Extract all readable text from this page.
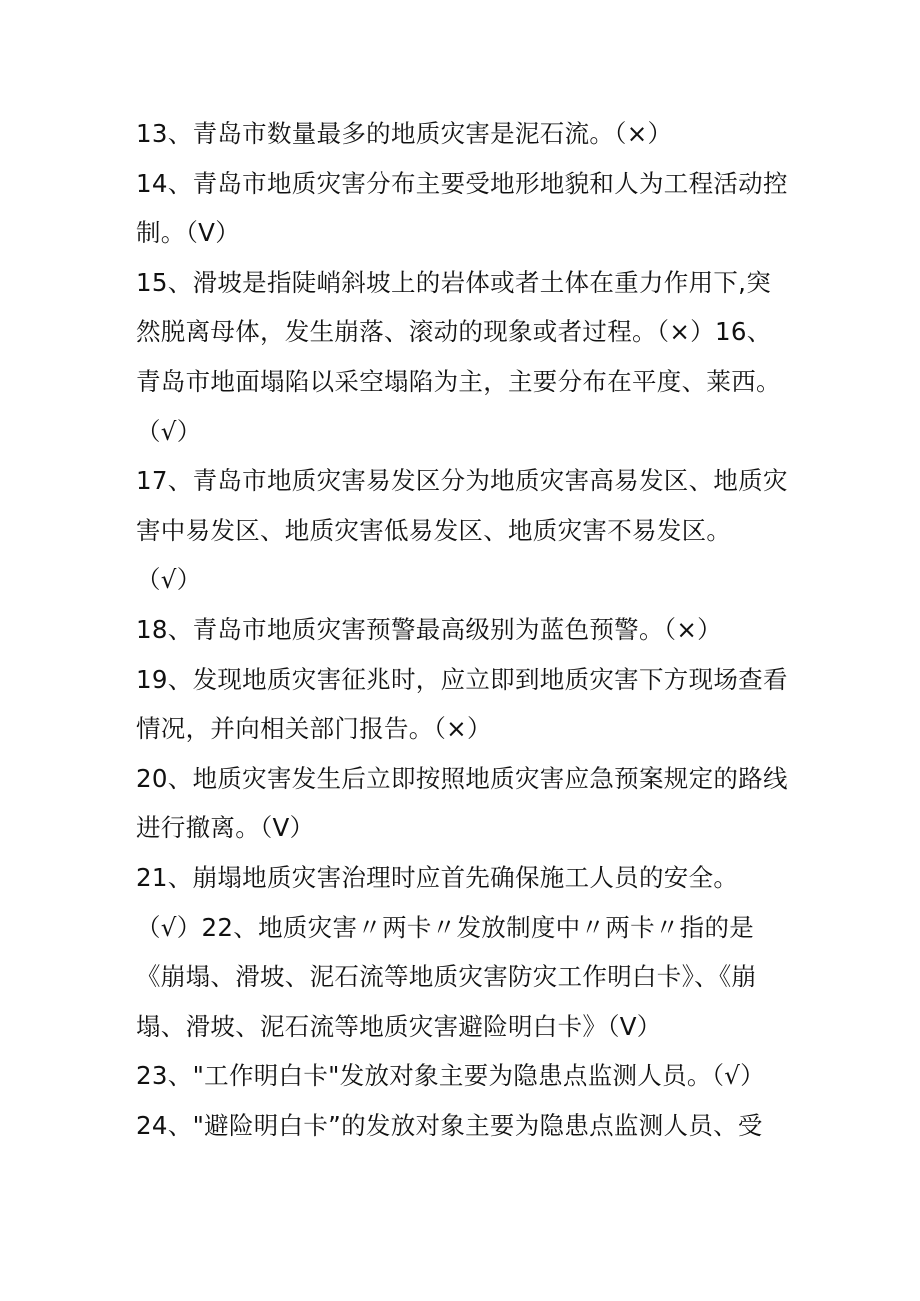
13、青岛市数量最多的地质灾害是泥石流。（×）
14、青岛市地质灾害分布主要受地形地貌和人为工程活动控
制。（V）
15、滑坡是指陡峭斜坡上的岩体或者土体在重力作用下,突
然脱离母体，发生崩落、滚动的现象或者过程。（×）16、
青岛市地面塌陷以采空塌陷为主，主要分布在平度、莱西。
（√）
17、青岛市地质灾害易发区分为地质灾害高易发区、地质灾
害中易发区、地质灾害低易发区、地质灾害不易发区。
（√）
18、青岛市地质灾害预警最高级别为蓝色预警。（×）
19、发现地质灾害征兆时，应立即到地质灾害下方现场查看
情况，并向相关部门报告。（×）
20、地质灾害发生后立即按照地质灾害应急预案规定的路线
进行撤离。（V）
21、崩塌地质灾害治理时应首先确保施工人员的安全。
（√）22、地质灾害〃两卡〃发放制度中〃两卡〃指的是
《崩塌、滑坡、泥石流等地质灾害防灾工作明白卡》、《崩
塌、滑坡、泥石流等地质灾害避险明白卡》（V）
23、"工作明白卡"发放对象主要为隐患点监测人员。（√）
24、"避险明白卡”的发放对象主要为隐患点监测人员、受
